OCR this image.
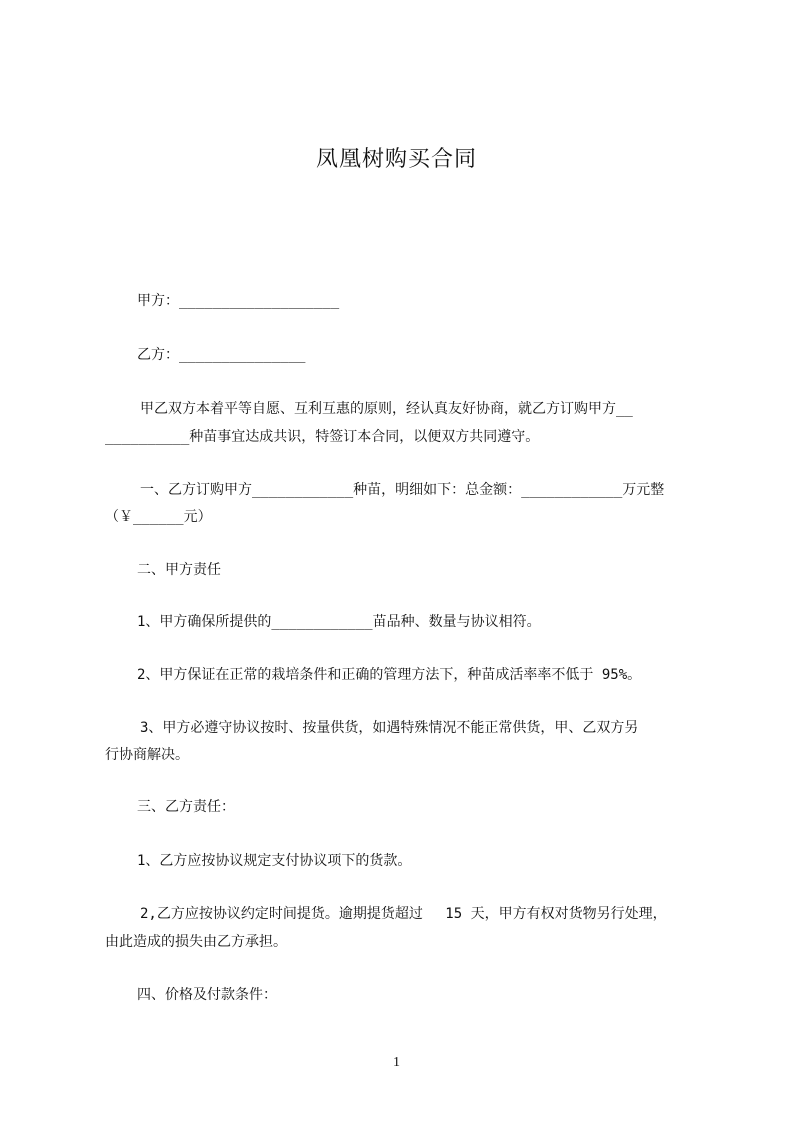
凤凰树购买合同
甲方：___________________
乙方：_______________
甲乙双方本着平等自愿、互利互惠的原则，经认真友好协商，就乙方订购甲方__
__________种苗事宜达成共识，特签订本合同，以便双方共同遵守。
一、乙方订购甲方____________种苗，明细如下：总金额：____________万元整
（￥______元）
二、甲方责任
1、甲方确保所提供的____________苗品种、数量与协议相符。
2、甲方保证在正常的栽培条件和正确的管理方法下，种苗成活率率不低于 95%。
3、甲方必遵守协议按时、按量供货，如遇特殊情况不能正常供货，甲、乙双方另
行协商解决。
三、乙方责任：
1、乙方应按协议规定支付协议项下的货款。
2,乙方应按协议约定时间提货。逾期提货超过　 15 天，甲方有权对货物另行处理，
由此造成的损失由乙方承担。
四、价格及付款条件：
1
